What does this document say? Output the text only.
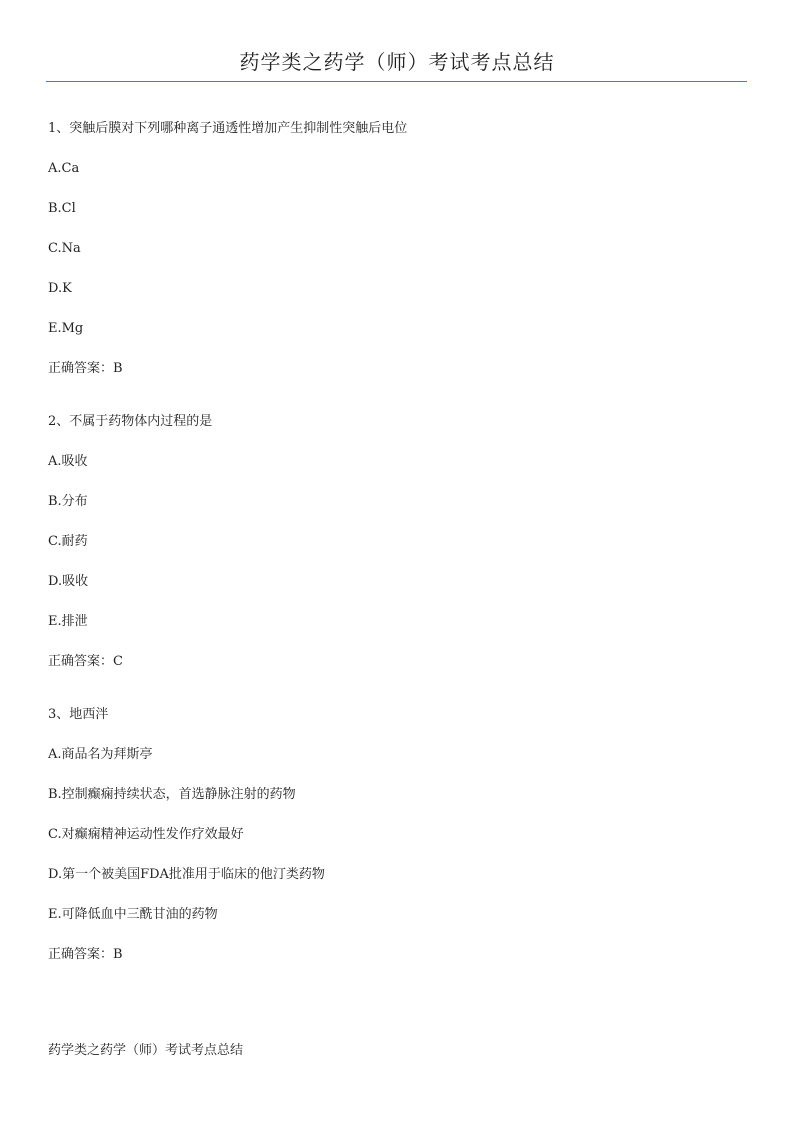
药学类之药学（师）考试考点总结
1、突触后膜对下列哪种离子通透性增加产生抑制性突触后电位
A.Ca
B.Cl
C.Na
D.K
E.Mg
正确答案：B
2、不属于药物体内过程的是
A.吸收
B.分布
C.耐药
D.吸收
E.排泄
正确答案：C
3、地西泮
A.商品名为拜斯亭
B.控制癫痫持续状态，首选静脉注射的药物
C.对癫痫精神运动性发作疗效最好
D.第一个被美国FDA批准用于临床的他汀类药物
E.可降低血中三酰甘油的药物
正确答案：B
药学类之药学（师）考试考点总结
